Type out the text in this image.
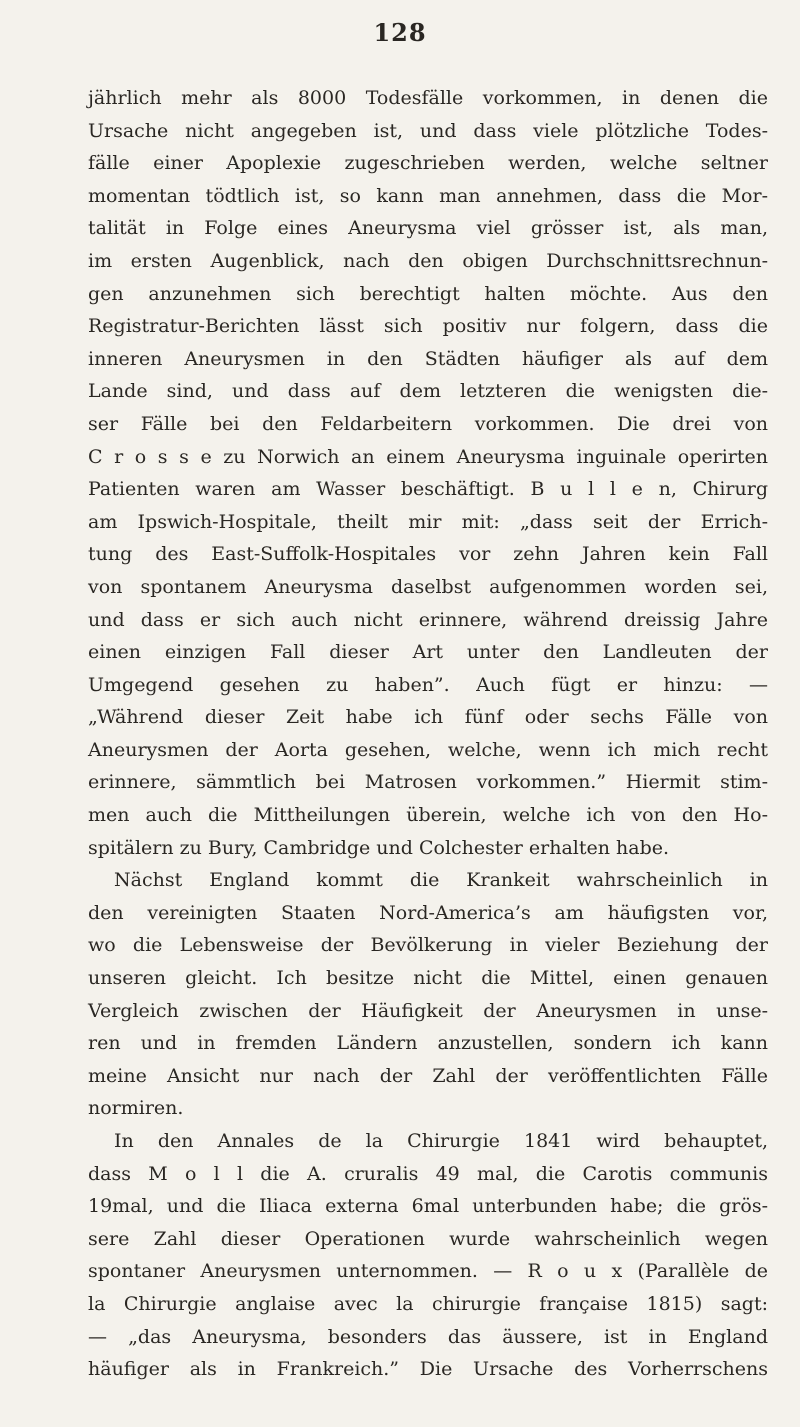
128
jährlich mehr als 8000 Todesfälle vorkommen, in denen die
Ursache nicht angegeben ist, und dass viele plötzliche Todes-
fälle einer Apoplexie zugeschrieben werden, welche seltner
momentan tödtlich ist, so kann man annehmen, dass die Mor-
talität in Folge eines Aneurysma viel grösser ist, als man,
im ersten Augenblick, nach den obigen Durchschnittsrechnun-
gen anzunehmen sich berechtigt halten möchte. Aus den
Registratur-Berichten lässt sich positiv nur folgern, dass die
inneren Aneurysmen in den Städten häufiger als auf dem
Lande sind, und dass auf dem letzteren die wenigsten die-
ser Fälle bei den Feldarbeitern vorkommen. Die drei von
C r o s s e zu Norwich an einem Aneurysma inguinale operirten
Patienten waren am Wasser beschäftigt. B u l l e n, Chirurg
am Ipswich-Hospitale, theilt mir mit: „dass seit der Errich-
tung des East-Suffolk-Hospitales vor zehn Jahren kein Fall
von spontanem Aneurysma daselbst aufgenommen worden sei,
und dass er sich auch nicht erinnere, während dreissig Jahre
einen einzigen Fall dieser Art unter den Landleuten der
Umgegend gesehen zu haben”. Auch fügt er hinzu: —
„Während dieser Zeit habe ich fünf oder sechs Fälle von
Aneurysmen der Aorta gesehen, welche, wenn ich mich recht
erinnere, sämmtlich bei Matrosen vorkommen.” Hiermit stim-
men auch die Mittheilungen überein, welche ich von den Ho-
spitälern zu Bury, Cambridge und Colchester erhalten habe.
Nächst England kommt die Krankeit wahrscheinlich in
den vereinigten Staaten Nord-America’s am häufigsten vor,
wo die Lebensweise der Bevölkerung in vieler Beziehung der
unseren gleicht. Ich besitze nicht die Mittel, einen genauen
Vergleich zwischen der Häufigkeit der Aneurysmen in unse-
ren und in fremden Ländern anzustellen, sondern ich kann
meine Ansicht nur nach der Zahl der veröffentlichten Fälle
normiren.
In den Annales de la Chirurgie 1841 wird behauptet,
dass M o l l die A. cruralis 49 mal, die Carotis communis
19mal, und die Iliaca externa 6mal unterbunden habe; die grös-
sere Zahl dieser Operationen wurde wahrscheinlich wegen
spontaner Aneurysmen unternommen. — R o u x (Parallèle de
la Chirurgie anglaise avec la chirurgie française 1815) sagt:
— „das Aneurysma, besonders das äussere, ist in England
häufiger als in Frankreich.” Die Ursache des Vorherrschens
